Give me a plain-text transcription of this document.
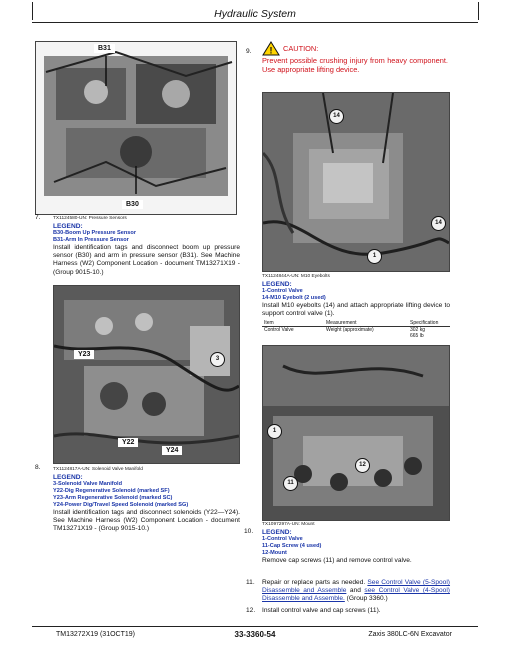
Hydraulic System
B31
B30
7.	TX1124580-UN: Pressure Sensors
LEGEND:
B30-Boom Up Pressure Sensor
B31-Arm In Pressure Sensor
Install identification tags and disconnect boom up pressure sensor (B30) and arm in pressure sensor (B31). See Machine Harness (W2) Component Location - document TM13271X19 - (Group 9015-10.)
3
Y23
Y22
Y24
8.	TX1124817A-UN: Solenoid Valve Manifold
LEGEND:
3-Solenoid Valve Manifold
Y22-Dig Regenerative Solenoid (marked SF)
Y23-Arm Regenerative Solenoid (marked SC)
Y24-Power Dig/Travel Speed Solenoid (marked SG)
Install identification tags and disconnect solenoids (Y22—Y24). See Machine Harness (W2) Component Location - document TM13271X19 - (Group 9015-10.)
9. ! CAUTION:
Prevent possible crushing injury from heavy component. Use appropriate lifting device.
14
14
1
TX1124844A-UN: M10 Eyebolts
LEGEND:
1-Control Valve
14-M10 Eyebolt (2 used)
Install M10 eyebolts (14) and attach appropriate lifting device to support control valve (1).
Item	Measurement	Specification
Control Valve	Weight (approximate)	302 kg
665 lb
1
12
11
10.
TX1097297A-UN: Mount
LEGEND:
1-Control Valve
11-Cap Screw (4 used)
12-Mount
Remove cap screws (11) and remove control valve.
11. Repair or replace parts as needed. See Control Valve (5-Spool) Disassemble and Assemble and see Control Valve (4-Spool) Disassemble and Assemble. (Group 3360.)
12. Install control valve and cap screws (11).
TM13272X19 (31OCT19)	33-3360-54	Zaxis 380LC-6N Excavator
